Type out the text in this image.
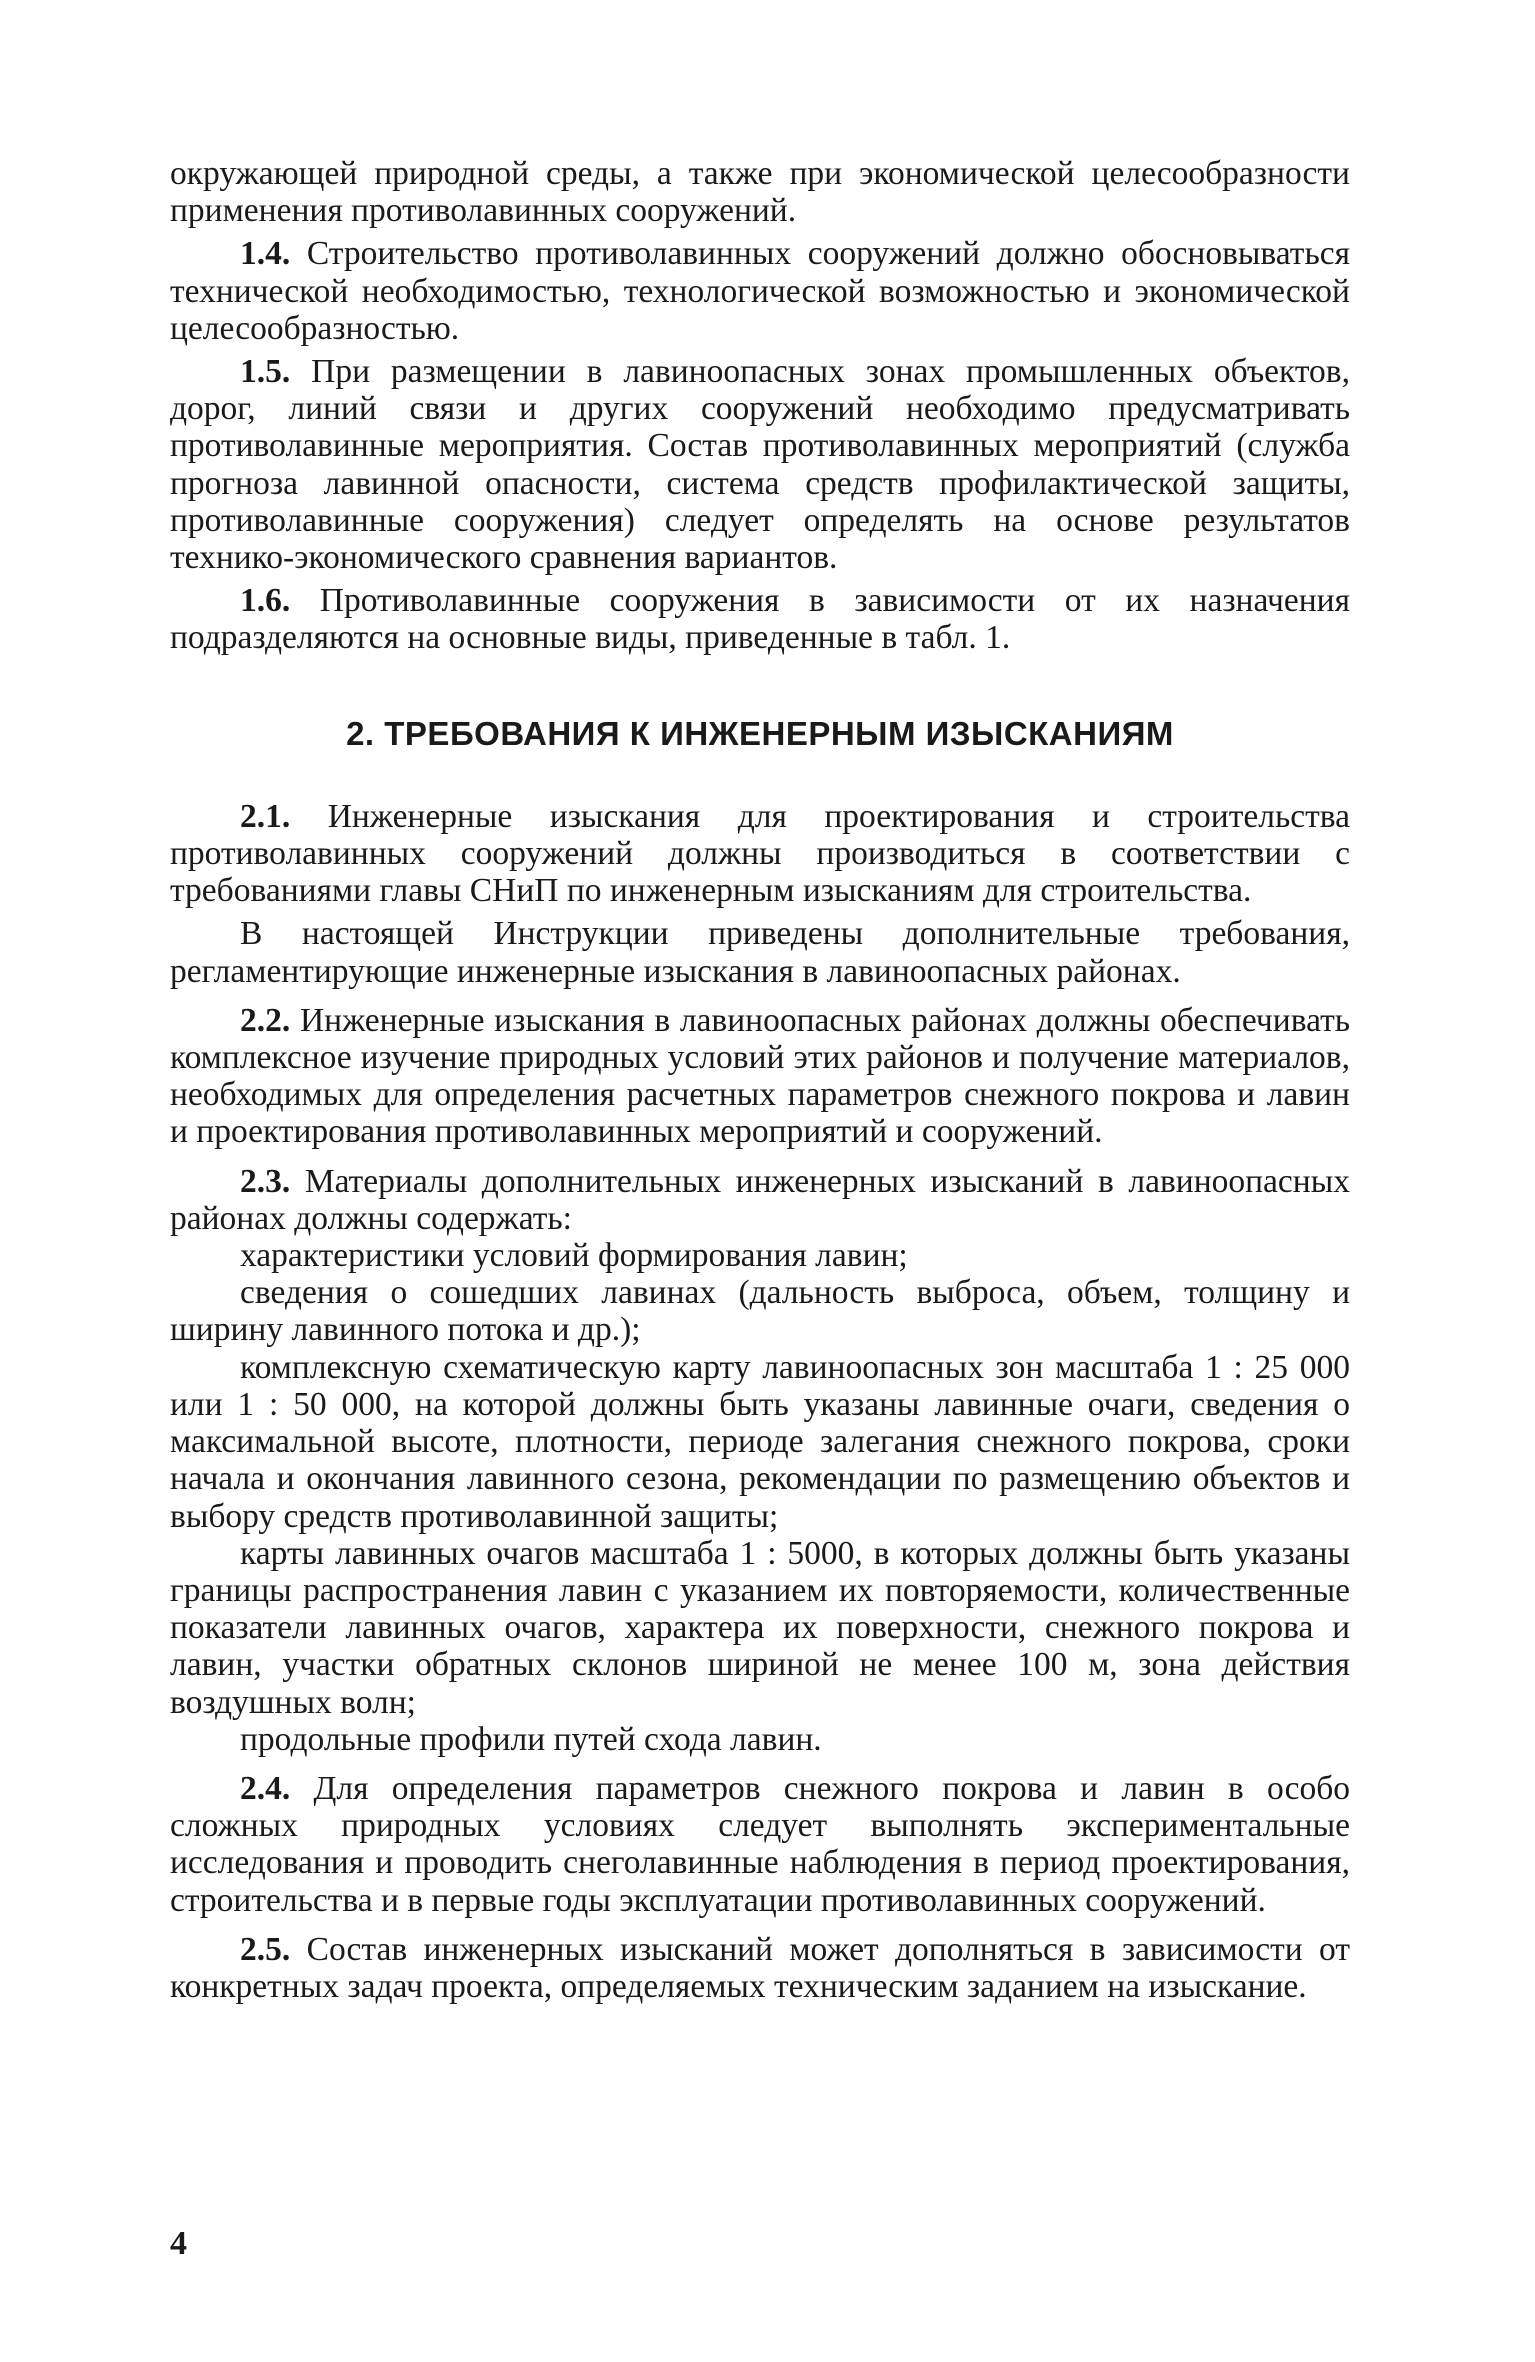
окружающей природной среды, а также при экономической целесообразности применения противолавинных сооружений.

1.4. Строительство противолавинных сооружений должно обосновываться технической необходимостью, технологической возможностью и экономической целесообразностью.

1.5. При размещении в лавиноопасных зонах промышленных объектов, дорог, линий связи и других сооружений необходимо предусматривать противолавинные мероприятия. Состав противолавинных мероприятий (служба прогноза лавинной опасности, система средств профилактической защиты, противолавинные сооружения) следует определять на основе результатов технико-экономического сравнения вариантов.

1.6. Противолавинные сооружения в зависимости от их назначения подразделяются на основные виды, приведенные в табл. 1.

2. ТРЕБОВАНИЯ К ИНЖЕНЕРНЫМ ИЗЫСКАНИЯМ

2.1. Инженерные изыскания для проектирования и строительства противолавинных сооружений должны производиться в соответствии с требованиями главы СНиП по инженерным изысканиям для строительства.

В настоящей Инструкции приведены дополнительные требования, регламентирующие инженерные изыскания в лавиноопасных районах.

2.2. Инженерные изыскания в лавиноопасных районах должны обеспечивать комплексное изучение природных условий этих районов и получение материалов, необходимых для определения расчетных параметров снежного покрова и лавин и проектирования противолавинных мероприятий и сооружений.

2.3. Материалы дополнительных инженерных изысканий в лавиноопасных районах должны содержать:

характеристики условий формирования лавин;

сведения о сошедших лавинах (дальность выброса, объем, толщину и ширину лавинного потока и др.);

комплексную схематическую карту лавиноопасных зон масштаба 1 : 25 000 или 1 : 50 000, на которой должны быть указаны лавинные очаги, сведения о максимальной высоте, плотности, периоде залегания снежного покрова, сроки начала и окончания лавинного сезона, рекомендации по размещению объектов и выбору средств противолавинной защиты;

карты лавинных очагов масштаба 1 : 5000, в которых должны быть указаны границы распространения лавин с указанием их повторяемости, количественные показатели лавинных очагов, характера их поверхности, снежного покрова и лавин, участки обратных склонов шириной не менее 100 м, зона действия воздушных волн;

продольные профили путей схода лавин.

2.4. Для определения параметров снежного покрова и лавин в особо сложных природных условиях следует выполнять экспериментальные исследования и проводить снеголавинные наблюдения в период проектирования, строительства и в первые годы эксплуатации противолавинных сооружений.

2.5. Состав инженерных изысканий может дополняться в зависимости от конкретных задач проекта, определяемых техническим заданием на изыскание.

4
